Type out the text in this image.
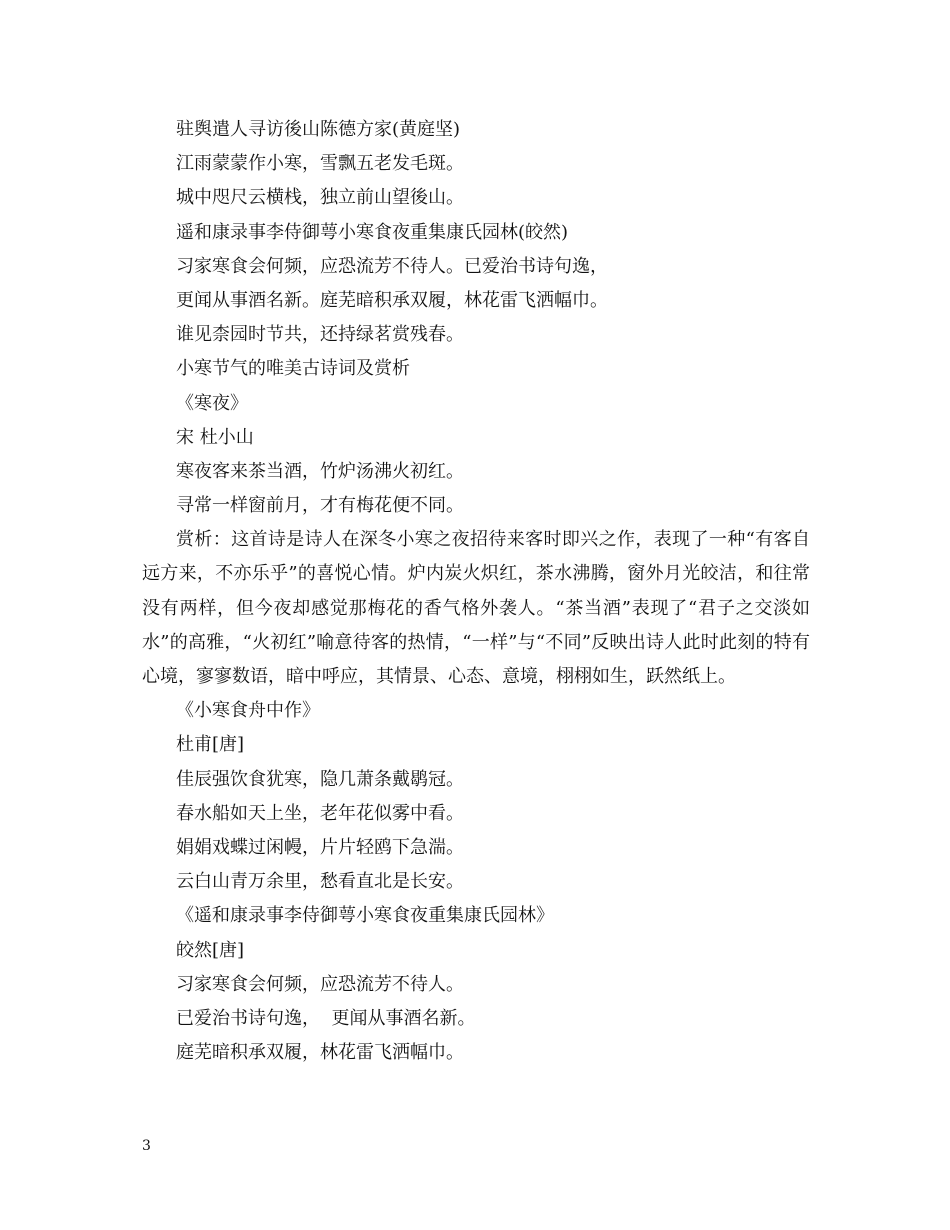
驻舆遣人寻访後山陈德方家(黄庭坚)
江雨蒙蒙作小寒，雪飘五老发毛斑。
城中咫尺云横栈，独立前山望後山。
遥和康录事李侍御萼小寒食夜重集康氏园林(皎然)
习家寒食会何频，应恐流芳不待人。已爱治书诗句逸，
更闻从事酒名新。庭芜暗积承双履，林花雷飞洒幅巾。
谁见柰园时节共，还持绿茗赏残春。
小寒节气的唯美古诗词及赏析
《寒夜》
宋 杜小山
寒夜客来茶当酒，竹炉汤沸火初红。
寻常一样窗前月，才有梅花便不同。

赏析：这首诗是诗人在深冬小寒之夜招待来客时即兴之作，表现了一种“有客自远方来，不亦乐乎”的喜悦心情。炉内炭火炽红，茶水沸腾，窗外月光皎洁，和往常没有两样，但今夜却感觉那梅花的香气格外袭人。“茶当酒”表现了“君子之交淡如水”的高雅，“火初红”喻意待客的热情，“一样”与“不同”反映出诗人此时此刻的特有心境，寥寥数语，暗中呼应，其情景、心态、意境，栩栩如生，跃然纸上。

《小寒食舟中作》
杜甫[唐]
佳辰强饮食犹寒，隐几萧条戴鹖冠。
春水船如天上坐，老年花似雾中看。
娟娟戏蝶过闲幔，片片轻鸥下急湍。
云白山青万余里，愁看直北是长安。
《遥和康录事李侍御萼小寒食夜重集康氏园林》
皎然[唐]
习家寒食会何频，应恐流芳不待人。
已爱治书诗句逸，  更闻从事酒名新。
庭芜暗积承双履，林花雷飞洒幅巾。
3
